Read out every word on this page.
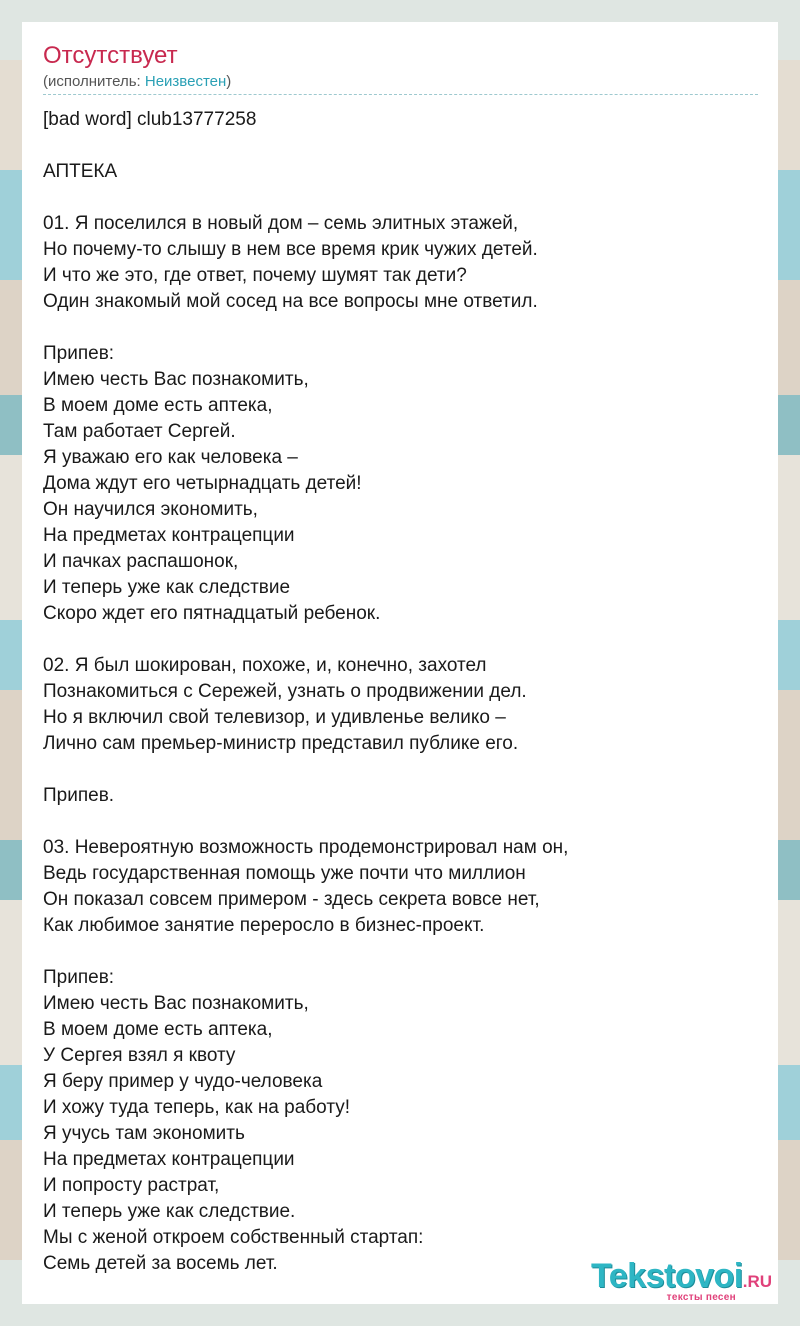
Отсутствует
(исполнитель: Неизвестен)
[bad word] club13777258
АПТЕКА
01. Я поселился в новый дом – семь элитных этажей,
Но почему-то слышу в нем все время крик чужих детей.
И что же это, где ответ, почему шумят так дети?
Один знакомый мой сосед на все вопросы мне ответил.
Припев:
Имею честь Вас познакомить,
В моем доме есть аптека,
Там работает Сергей.
Я уважаю его как человека –
Дома ждут его четырнадцать детей!
Он научился экономить,
На предметах контрацепции
И пачках распашонок,
И теперь уже как следствие
Скоро ждет его пятнадцатый ребенок.
02. Я был шокирован, похоже, и, конечно, захотел
Познакомиться с Сережей, узнать о продвижении дел.
Но я включил свой телевизор, и удивленье велико –
Лично сам премьер-министр представил публике его.
Припев.
03. Невероятную возможность продемонстрировал нам он,
Ведь государственная помощь уже почти что миллион
Он показал совсем примером - здесь секрета вовсе нет,
Как любимое занятие переросло в бизнес-проект.
Припев:
Имею честь Вас познакомить,
В моем доме есть аптека,
У Сергея взял я квоту
Я беру пример у чудо-человека
И хожу туда теперь, как на работу!
Я учусь там экономить
На предметах контрацепции
И попросту растрат,
И теперь уже как следствие.
Мы с женой откроем собственный стартап:
Семь детей за восемь лет.	Tekstovoi.RU
тексты песен
